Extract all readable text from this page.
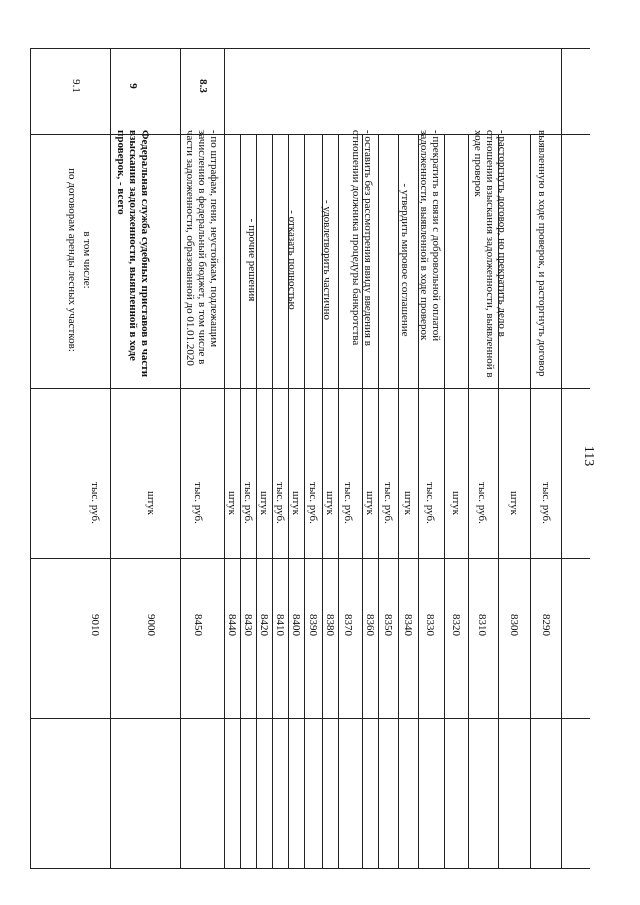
113
8.3
9
9.1
выявленную в ходе проверок, и расторгнуть договор
- расторгнуть договор, но прекратить дело в отношении взыскания задолженности, выявленной в ходе проверок
- прекратить в связи с добровольной оплатой задолженности, выявленной в ходе проверок
- утвердить мировое соглашение
- оставить без рассмотрения ввиду введения в отношении должника процедуры банкротства
- удовлетворить частично
- отказать полностью
- прочие решения
- по штрафам, пени, неустойкам, подлежащим зачислению в федеральный бюджет, в том числе в части задолженности, образованной до 01.01.2020
Федеральная служба судебных приставов в части взыскания задолженности, выявленной в ходе проверок, - всего
в том числе:
по договорам аренды лесных участков:
тыс. руб.
штук
тыс. руб.
штук
тыс. руб.
штук
тыс. руб.
штук
тыс. руб.
штук
тыс. руб.
штук
тыс. руб.
штук
тыс. руб.
штук
тыс. руб.
штук
тыс. руб.
8290
8300
8310
8320
8330
8340
8350
8360
8370
8380
8390
8400
8410
8420
8430
8440
8450
9000
9010
